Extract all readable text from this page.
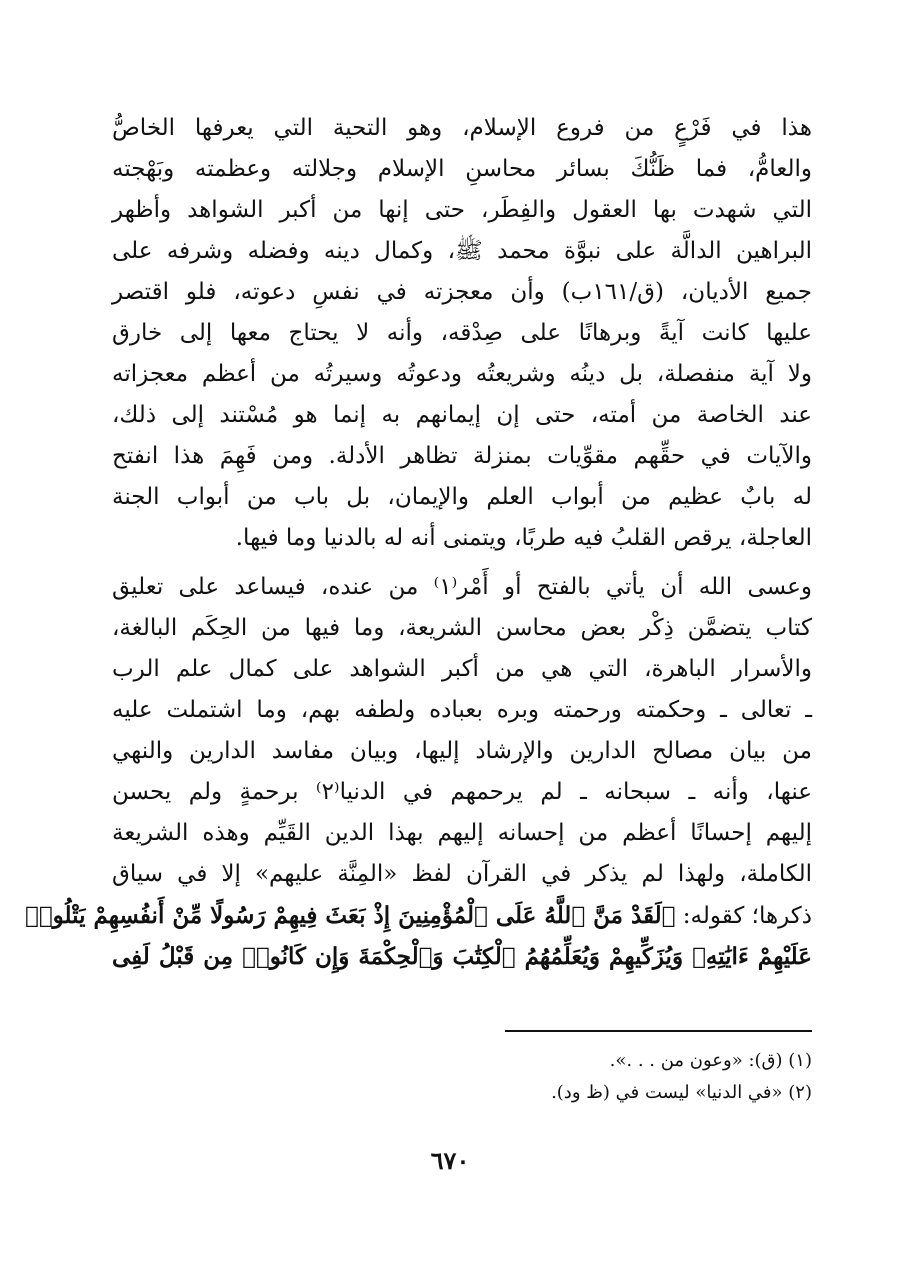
هذا في فَرْعٍ من فروع الإسلام، وهو التحية التي يعرفها الخاصُّ
والعامُّ، فما ظَنُّكَ بسائر محاسنِ الإسلام وجلالته وعظمته وبَهْجته
التي شهدت بها العقول والفِطَر، حتى إنها من أكبر الشواهد وأظهر
البراهين الدالَّة على نبوَّة محمد ﷺ، وكمال دينه وفضله وشرفه على
جميع الأديان، (ق/١٦١ب) وأن معجزته في نفسِ دعوته، فلو اقتصر
عليها كانت آيةً وبرهانًا على صِدْقه، وأنه لا يحتاج معها إلى خارق
ولا آية منفصلة، بل دينُه وشريعتُه ودعوتُه وسيرتُه من أعظم معجزاته
عند الخاصة من أمته، حتى إن إيمانهم به إنما هو مُسْتند إلى ذلك،
والآيات في حقِّهم مقوِّيات بمنزلة تظاهر الأدلة. ومن فَهِمَ هذا انفتح
له بابٌ عظيم من أبواب العلم والإيمان، بل باب من أبواب الجنة
العاجلة، يرقص القلبُ فيه طربًا، ويتمنى أنه له بالدنيا وما فيها.
وعسى الله أن يأتي بالفتح أو أَمْر⁽١⁾ من عنده، فيساعد على تعليق
كتاب يتضمَّن ذِكْر بعض محاسن الشريعة، وما فيها من الحِكَم البالغة،
والأسرار الباهرة، التي هي من أكبر الشواهد على كمال علم الرب
ـ تعالى ـ وحكمته ورحمته وبره بعباده ولطفه بهم، وما اشتملت عليه
من بيان مصالح الدارين والإرشاد إليها، وبيان مفاسد الدارين والنهي
عنها، وأنه ـ سبحانه ـ لم يرحمهم في الدنيا⁽٢⁾ برحمةٍ ولم يحسن
إليهم إحسانًا أعظم من إحسانه إليهم بهذا الدين القَيِّم وهذه الشريعة
الكاملة، ولهذا لم يذكر في القرآن لفظ «المِنَّة عليهم» إلا في سياق
ذكرها؛ كقوله: ﴿لَقَدْ مَنَّ ٱللَّهُ عَلَى ٱلْمُؤْمِنِينَ إِذْ بَعَثَ فِيهِمْ رَسُولًا مِّنْ أَنفُسِهِمْ يَتْلُوا۟
عَلَيْهِمْ ءَايَٰتِهِۦ وَيُزَكِّيهِمْ وَيُعَلِّمُهُمُ ٱلْكِتَٰبَ وَٱلْحِكْمَةَ وَإِن كَانُوا۟ مِن قَبْلُ لَفِى
(١) (ق): «وعون من . . .».
(٢) «في الدنيا» ليست في (ظ ود).
٦٧٠
